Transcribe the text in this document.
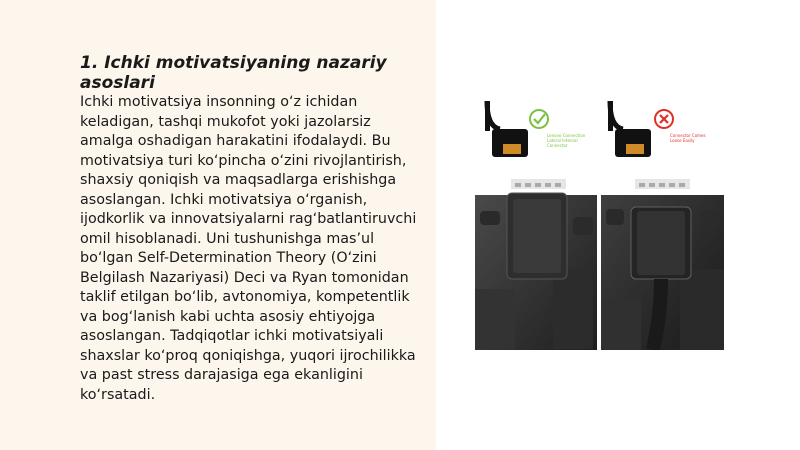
1. Ichki motivatsiyaning nazariy asoslari

Ichki motivatsiya insonning o‘z ichidan keladigan, tashqi mukofot yoki jazolarsiz amalga oshadigan harakatini ifodalaydi. Bu motivatsiya turi ko‘pincha o‘zini rivojlantirish, shaxsiy qoniqish va maqsadlarga erishishga asoslangan. Ichki motivatsiya o‘rganish, ijodkorlik va innovatsiyalarni rag‘batlantiruvchi omil hisoblanadi. Uni tushunishga mas’ul bo‘lgan Self-Determination Theory (O‘zini Belgilash Nazariyasi) Deci va Ryan tomonidan taklif etilgan bo‘lib, avtonomiya, kompetentlik va bog‘lanish kabi uchta asosiy ehtiyojga asoslangan. Tadqiqotlar ichki motivatsiyali shaxslar ko‘proq qoniqishga, yuqori ijrochilikka va past stress darajasiga ega ekanligini ko‘rsatadi.

Lenovo Connection
Lateral Internal
Connector
Connector Comes
Loose Easily
